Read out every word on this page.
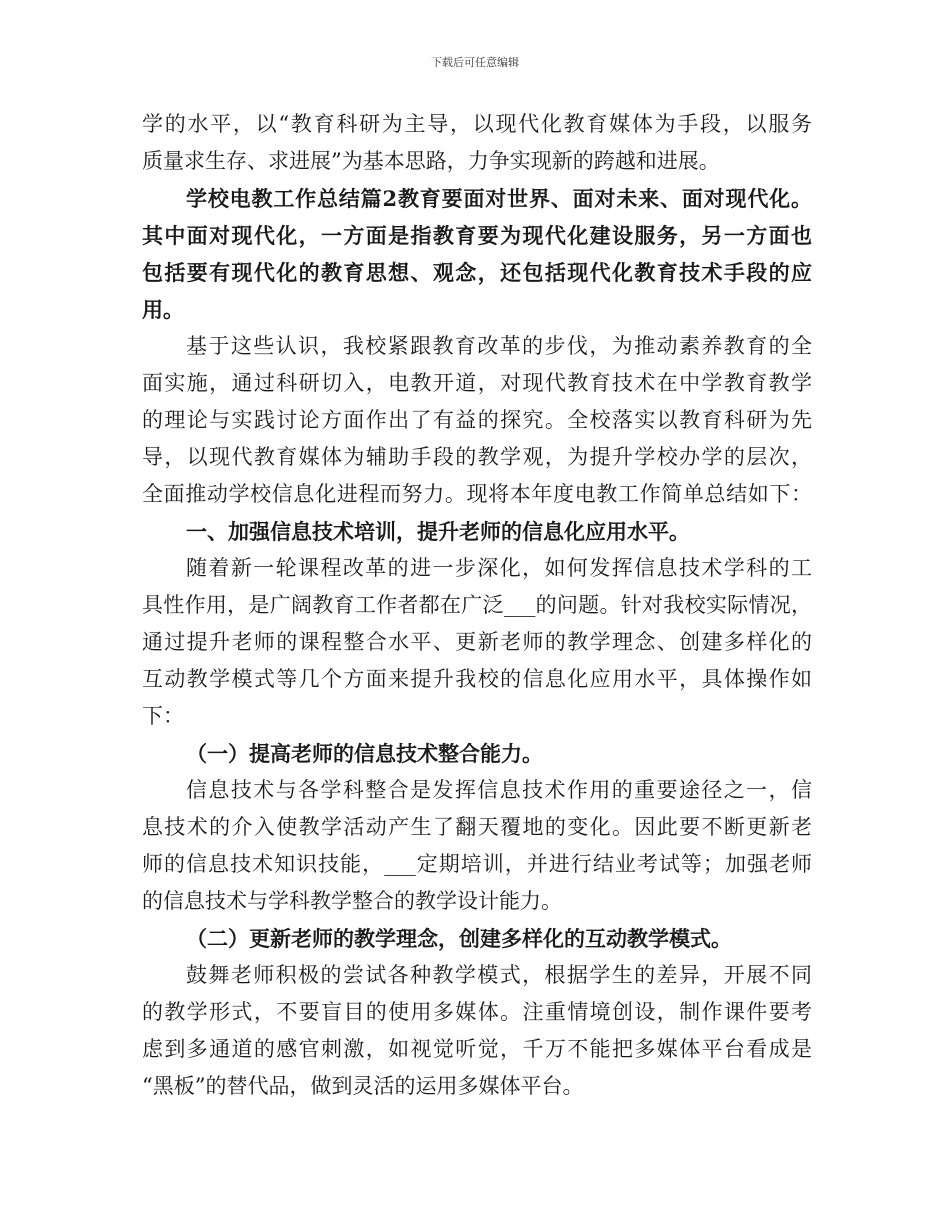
下载后可任意编辑
学的水平，以“教育科研为主导，以现代化教育媒体为手段，以服务
质量求生存、求进展”为基本思路，力争实现新的跨越和进展。
学校电教工作总结篇2教育要面对世界、面对未来、面对现代化。
其中面对现代化，一方面是指教育要为现代化建设服务，另一方面也
包括要有现代化的教育思想、观念，还包括现代化教育技术手段的应
用。
基于这些认识，我校紧跟教育改革的步伐，为推动素养教育的全
面实施，通过科研切入，电教开道，对现代教育技术在中学教育教学
的理论与实践讨论方面作出了有益的探究。全校落实以教育科研为先
导，以现代教育媒体为辅助手段的教学观，为提升学校办学的层次，
全面推动学校信息化进程而努力。现将本年度电教工作简单总结如下：
一、加强信息技术培训，提升老师的信息化应用水平。
随着新一轮课程改革的进一步深化，如何发挥信息技术学科的工
具性作用，是广阔教育工作者都在广泛___的问题。针对我校实际情况，
通过提升老师的课程整合水平、更新老师的教学理念、创建多样化的
互动教学模式等几个方面来提升我校的信息化应用水平，具体操作如
下：
（一）提高老师的信息技术整合能力。
信息技术与各学科整合是发挥信息技术作用的重要途径之一，信
息技术的介入使教学活动产生了翻天覆地的变化。因此要不断更新老
师的信息技术知识技能，___定期培训，并进行结业考试等；加强老师
的信息技术与学科教学整合的教学设计能力。
（二）更新老师的教学理念，创建多样化的互动教学模式。
鼓舞老师积极的尝试各种教学模式，根据学生的差异，开展不同
的教学形式，不要盲目的使用多媒体。注重情境创设，制作课件要考
虑到多通道的感官刺激，如视觉听觉，千万不能把多媒体平台看成是
“黑板”的替代品，做到灵活的运用多媒体平台。
